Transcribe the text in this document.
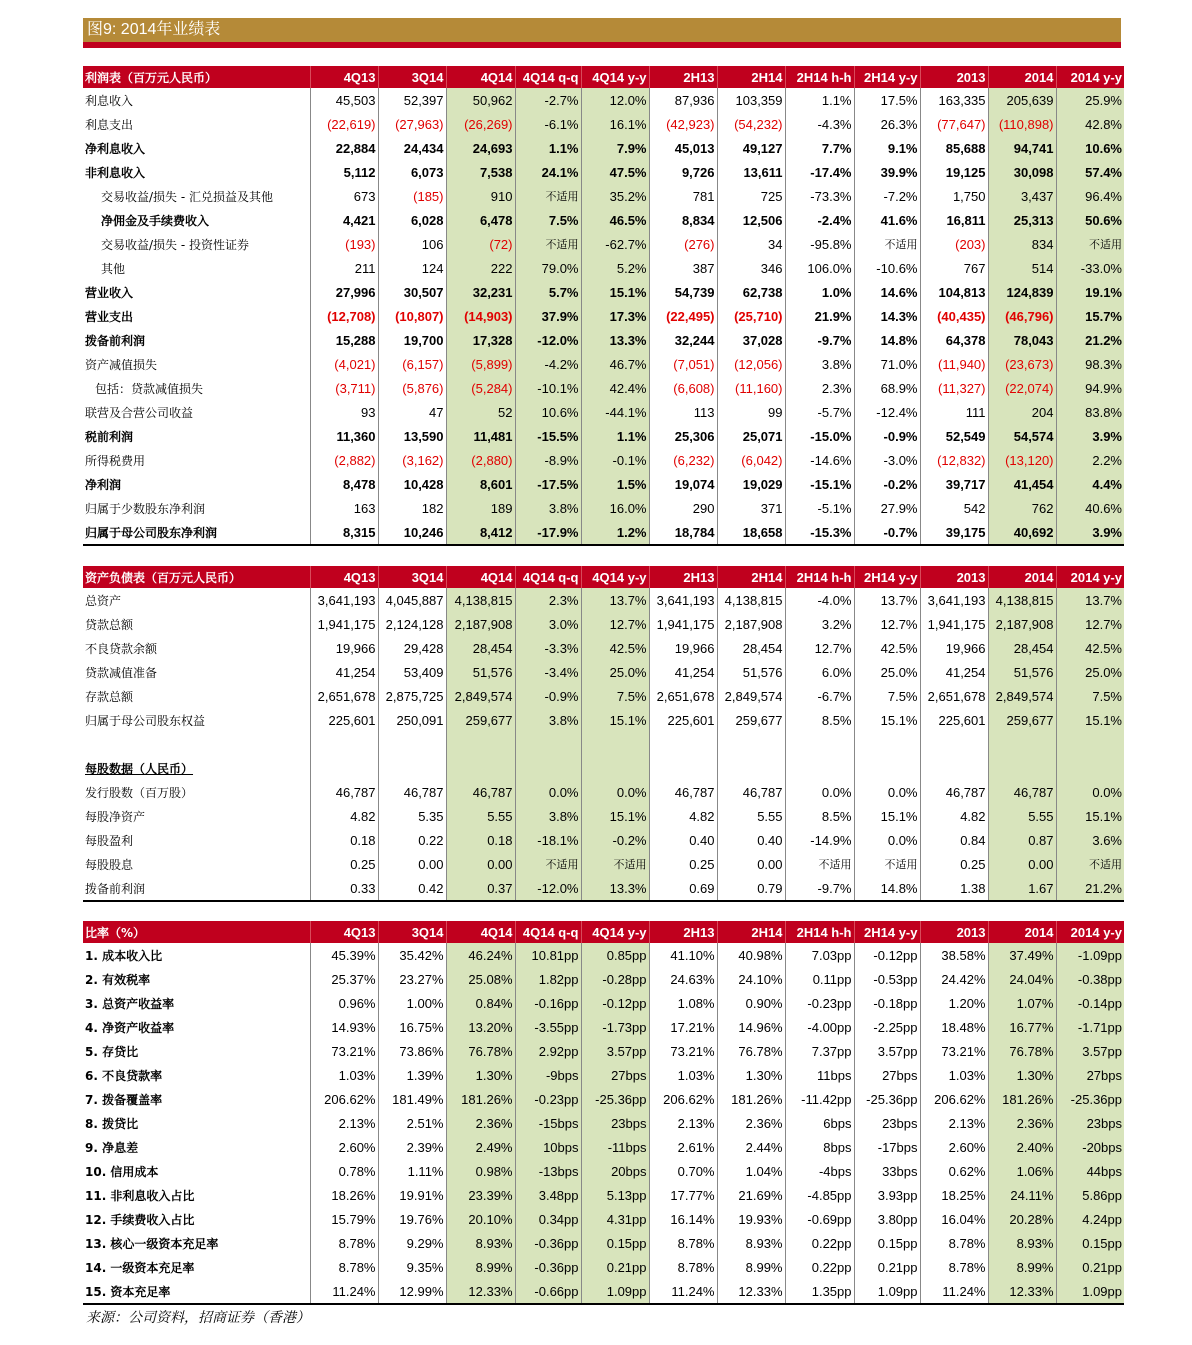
图9: 2014年业绩表
利润表（百万元人民币）	4Q13	3Q14	4Q14	4Q14 q-q	4Q14 y-y	2H13	2H14	2H14 h-h	2H14 y-y	2013	2014	2014 y-y
利息收入	45,503	52,397	50,962	-2.7%	12.0%	87,936	103,359	1.1%	17.5%	163,335	205,639	25.9%
利息支出	(22,619)	(27,963)	(26,269)	-6.1%	16.1%	(42,923)	(54,232)	-4.3%	26.3%	(77,647)	(110,898)	42.8%
净利息收入	22,884	24,434	24,693	1.1%	7.9%	45,013	49,127	7.7%	9.1%	85,688	94,741	10.6%
非利息收入	5,112	6,073	7,538	24.1%	47.5%	9,726	13,611	-17.4%	39.9%	19,125	30,098	57.4%
交易收益/损失 - 汇兑损益及其他	673	(185)	910	不适用	35.2%	781	725	-73.3%	-7.2%	1,750	3,437	96.4%
净佣金及手续费收入	4,421	6,028	6,478	7.5%	46.5%	8,834	12,506	-2.4%	41.6%	16,811	25,313	50.6%
交易收益/损失 - 投资性证券	(193)	106	(72)	不适用	-62.7%	(276)	34	-95.8%	不适用	(203)	834	不适用
其他	211	124	222	79.0%	5.2%	387	346	106.0%	-10.6%	767	514	-33.0%
营业收入	27,996	30,507	32,231	5.7%	15.1%	54,739	62,738	1.0%	14.6%	104,813	124,839	19.1%
营业支出	(12,708)	(10,807)	(14,903)	37.9%	17.3%	(22,495)	(25,710)	21.9%	14.3%	(40,435)	(46,796)	15.7%
拨备前利润	15,288	19,700	17,328	-12.0%	13.3%	32,244	37,028	-9.7%	14.8%	64,378	78,043	21.2%
资产减值损失	(4,021)	(6,157)	(5,899)	-4.2%	46.7%	(7,051)	(12,056)	3.8%	71.0%	(11,940)	(23,673)	98.3%
包括：贷款减值损失	(3,711)	(5,876)	(5,284)	-10.1%	42.4%	(6,608)	(11,160)	2.3%	68.9%	(11,327)	(22,074)	94.9%
联营及合营公司收益	93	47	52	10.6%	-44.1%	113	99	-5.7%	-12.4%	111	204	83.8%
税前利润	11,360	13,590	11,481	-15.5%	1.1%	25,306	25,071	-15.0%	-0.9%	52,549	54,574	3.9%
所得税费用	(2,882)	(3,162)	(2,880)	-8.9%	-0.1%	(6,232)	(6,042)	-14.6%	-3.0%	(12,832)	(13,120)	2.2%
净利润	8,478	10,428	8,601	-17.5%	1.5%	19,074	19,029	-15.1%	-0.2%	39,717	41,454	4.4%
归属于少数股东净利润	163	182	189	3.8%	16.0%	290	371	-5.1%	27.9%	542	762	40.6%
归属于母公司股东净利润	8,315	10,246	8,412	-17.9%	1.2%	18,784	18,658	-15.3%	-0.7%	39,175	40,692	3.9%
资产负债表（百万元人民币）	4Q13	3Q14	4Q14	4Q14 q-q	4Q14 y-y	2H13	2H14	2H14 h-h	2H14 y-y	2013	2014	2014 y-y
总资产	3,641,193	4,045,887	4,138,815	2.3%	13.7%	3,641,193	4,138,815	-4.0%	13.7%	3,641,193	4,138,815	13.7%
贷款总额	1,941,175	2,124,128	2,187,908	3.0%	12.7%	1,941,175	2,187,908	3.2%	12.7%	1,941,175	2,187,908	12.7%
不良贷款余额	19,966	29,428	28,454	-3.3%	42.5%	19,966	28,454	12.7%	42.5%	19,966	28,454	42.5%
贷款减值准备	41,254	53,409	51,576	-3.4%	25.0%	41,254	51,576	6.0%	25.0%	41,254	51,576	25.0%
存款总额	2,651,678	2,875,725	2,849,574	-0.9%	7.5%	2,651,678	2,849,574	-6.7%	7.5%	2,651,678	2,849,574	7.5%
归属于母公司股东权益	225,601	250,091	259,677	3.8%	15.1%	225,601	259,677	8.5%	15.1%	225,601	259,677	15.1%

每股数据（人民币）												
发行股数（百万股）	46,787	46,787	46,787	0.0%	0.0%	46,787	46,787	0.0%	0.0%	46,787	46,787	0.0%
每股净资产	4.82	5.35	5.55	3.8%	15.1%	4.82	5.55	8.5%	15.1%	4.82	5.55	15.1%
每股盈利	0.18	0.22	0.18	-18.1%	-0.2%	0.40	0.40	-14.9%	0.0%	0.84	0.87	3.6%
每股股息	0.25	0.00	0.00	不适用	不适用	0.25	0.00	不适用	不适用	0.25	0.00	不适用
拨备前利润	0.33	0.42	0.37	-12.0%	13.3%	0.69	0.79	-9.7%	14.8%	1.38	1.67	21.2%
比率（%）	4Q13	3Q14	4Q14	4Q14 q-q	4Q14 y-y	2H13	2H14	2H14 h-h	2H14 y-y	2013	2014	2014 y-y
1. 成本收入比	45.39%	35.42%	46.24%	10.81pp	0.85pp	41.10%	40.98%	7.03pp	-0.12pp	38.58%	37.49%	-1.09pp
2. 有效税率	25.37%	23.27%	25.08%	1.82pp	-0.28pp	24.63%	24.10%	0.11pp	-0.53pp	24.42%	24.04%	-0.38pp
3. 总资产收益率	0.96%	1.00%	0.84%	-0.16pp	-0.12pp	1.08%	0.90%	-0.23pp	-0.18pp	1.20%	1.07%	-0.14pp
4. 净资产收益率	14.93%	16.75%	13.20%	-3.55pp	-1.73pp	17.21%	14.96%	-4.00pp	-2.25pp	18.48%	16.77%	-1.71pp
5. 存贷比	73.21%	73.86%	76.78%	2.92pp	3.57pp	73.21%	76.78%	7.37pp	3.57pp	73.21%	76.78%	3.57pp
6. 不良贷款率	1.03%	1.39%	1.30%	-9bps	27bps	1.03%	1.30%	11bps	27bps	1.03%	1.30%	27bps
7. 拨备覆盖率	206.62%	181.49%	181.26%	-0.23pp	-25.36pp	206.62%	181.26%	-11.42pp	-25.36pp	206.62%	181.26%	-25.36pp
8. 拨贷比	2.13%	2.51%	2.36%	-15bps	23bps	2.13%	2.36%	6bps	23bps	2.13%	2.36%	23bps
9. 净息差	2.60%	2.39%	2.49%	10bps	-11bps	2.61%	2.44%	8bps	-17bps	2.60%	2.40%	-20bps
10. 信用成本	0.78%	1.11%	0.98%	-13bps	20bps	0.70%	1.04%	-4bps	33bps	0.62%	1.06%	44bps
11. 非利息收入占比	18.26%	19.91%	23.39%	3.48pp	5.13pp	17.77%	21.69%	-4.85pp	3.93pp	18.25%	24.11%	5.86pp
12. 手续费收入占比	15.79%	19.76%	20.10%	0.34pp	4.31pp	16.14%	19.93%	-0.69pp	3.80pp	16.04%	20.28%	4.24pp
13. 核心一级资本充足率	8.78%	9.29%	8.93%	-0.36pp	0.15pp	8.78%	8.93%	0.22pp	0.15pp	8.78%	8.93%	0.15pp
14. 一级资本充足率	8.78%	9.35%	8.99%	-0.36pp	0.21pp	8.78%	8.99%	0.22pp	0.21pp	8.78%	8.99%	0.21pp
15. 资本充足率	11.24%	12.99%	12.33%	-0.66pp	1.09pp	11.24%	12.33%	1.35pp	1.09pp	11.24%	12.33%	1.09pp
来源：公司资料，招商证券（香港）
